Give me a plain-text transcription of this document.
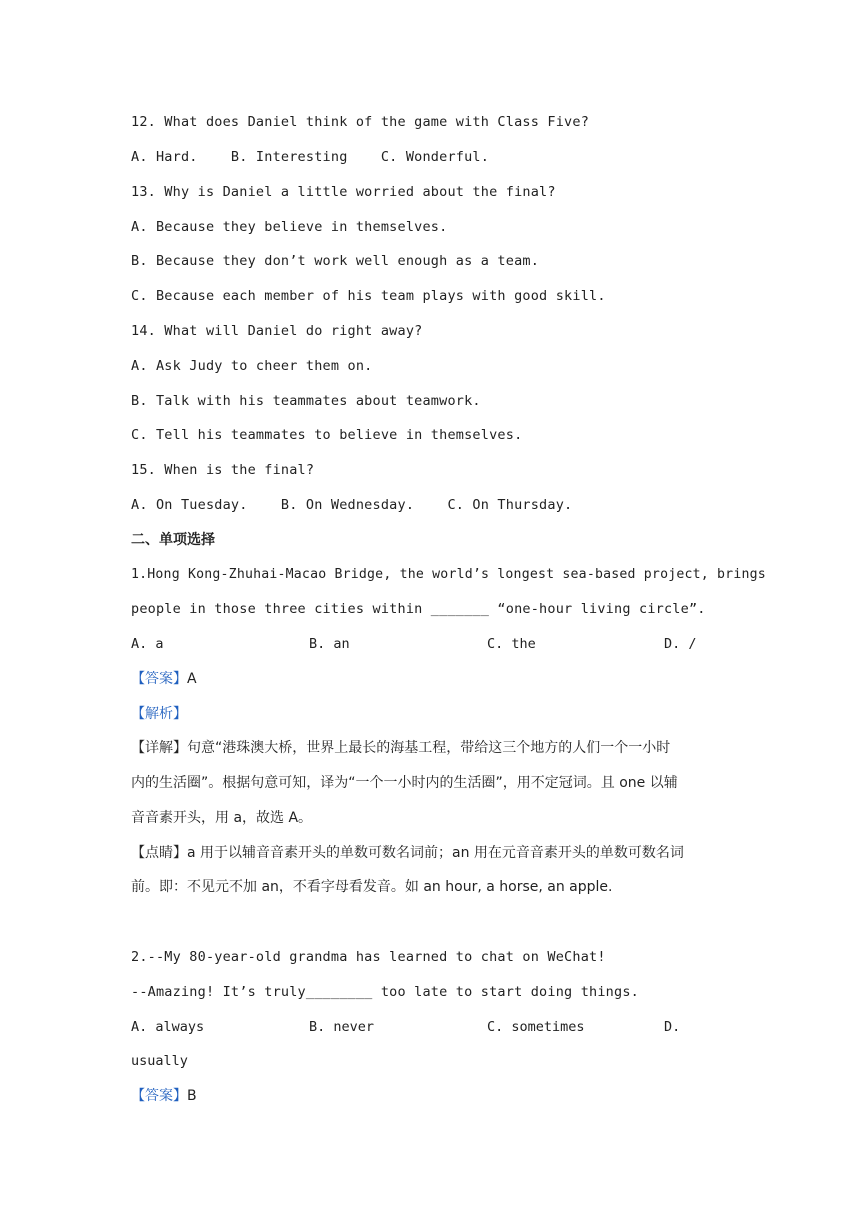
12. What does Daniel think of the game with Class Five?
A. Hard.    B. Interesting    C. Wonderful.
13. Why is Daniel a little worried about the final?
A. Because they believe in themselves.
B. Because they don’t work well enough as a team.
C. Because each member of his team plays with good skill.
14. What will Daniel do right away?
A. Ask Judy to cheer them on.
B. Talk with his teammates about teamwork.
C. Tell his teammates to believe in themselves.
15. When is the final?
A. On Tuesday.    B. On Wednesday.    C. On Thursday.
二、单项选择
1.Hong Kong-Zhuhai-Macao Bridge, the world’s longest sea-based project, brings
people in those three cities within _______ “one-hour living circle”.
A. a	B. an	C. the	D. /
【答案】A
【解析】
【详解】句意“港珠澳大桥，世界上最长的海基工程，带给这三个地方的人们一个一小时
内的生活圈”。根据句意可知，译为“一个一小时内的生活圈”，用不定冠词。且 one 以辅
音音素开头，用 a，故选 A。
【点睛】a 用于以辅音音素开头的单数可数名词前；an 用在元音音素开头的单数可数名词
前。即：不见元不加 an，不看字母看发音。如 an hour, a horse, an apple.
2.--My 80-year-old grandma has learned to chat on WeChat!
--Amazing! It’s truly________ too late to start doing things.
A. always	B. never	C. sometimes	D.
usually
【答案】B
